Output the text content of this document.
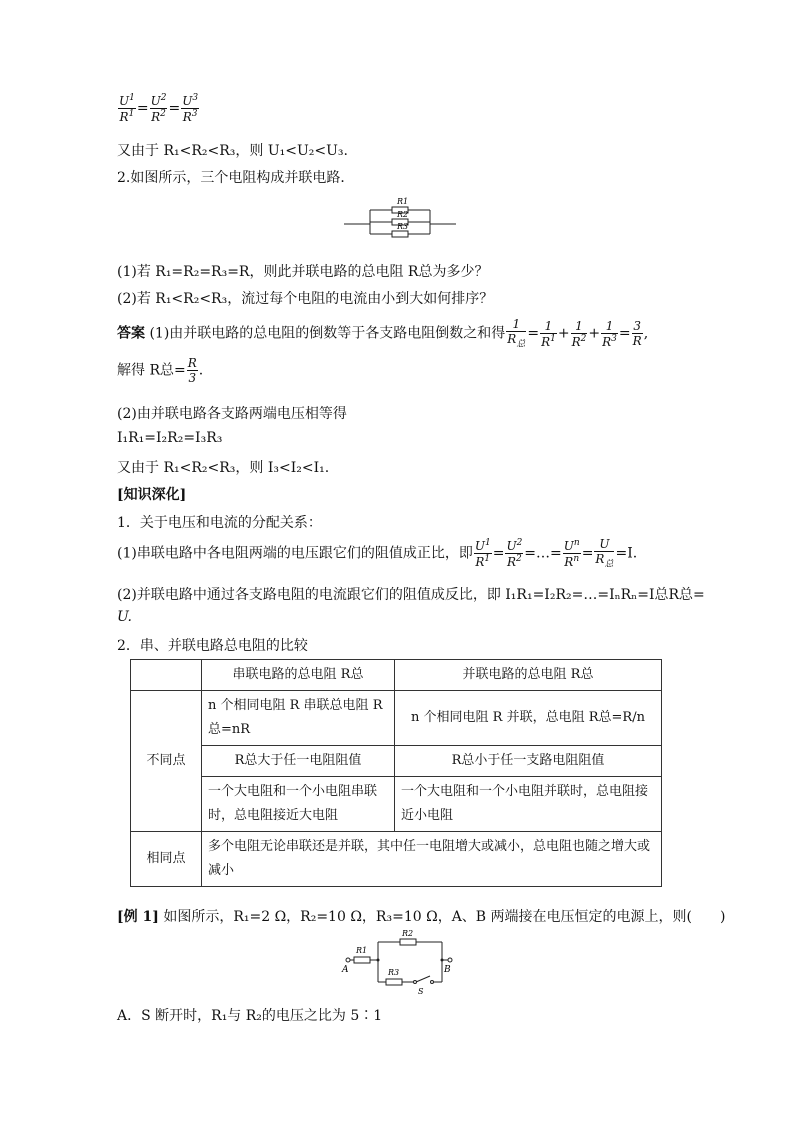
$\frac{U^1}{R^1} = \frac{U^2}{R^2} = \frac{U^3}{R^3}$
又由于 R₁<R₂<R₃，则 U₁<U₂<U₃.
2.如图所示，三个电阻构成并联电路．
R1
R2
R3
(1)若 R₁=R₂=R₃=R，则此并联电路的总电阻 R总为多少？
(2)若 R₁<R₂<R₃，流过每个电阻的电流由小到大如何排序？
答案 (1)由并联电路的总电阻的倒数等于各支路电阻倒数之和得 $\frac{1}{R_总} = \frac{1}{R^1} + \frac{1}{R^2} + \frac{1}{R^3} = \frac{3}{R}$ ,
解得 R总= $\frac{R}{3}$ .
(2)由并联电路各支路两端电压相等得
I₁R₁=I₂R₂=I₃R₃
又由于 R₁<R₂<R₃，则 I₃<I₂<I₁.
[知识深化]
1．关于电压和电流的分配关系：
(1)串联电路中各电阻两端的电压跟它们的阻值成正比，即 $\frac{U^1}{R^1} = \frac{U^2}{R^2}$ =…= $\frac{U^n}{R^n} = \frac{U}{R_总} =I$.
(2)并联电路中通过各支路电阻的电流跟它们的阻值成反比，即 I₁R₁=I₂R₂=…=IₙRₙ=I总R总=
U.
2．串、并联电路总电阻的比较
	串联电路的总电阻 R总	并联电路的总电阻 R总
不同点	n 个相同电阻 R 串联总电阻 R总=nR	n 个相同电阻 R 并联，总电阻 R总=R/n
	R总大于任一电阻阻值	R总小于任一支路电阻阻值
	一个大电阻和一个小电阻串联时，总电阻接近大电阻	一个大电阻和一个小电阻并联时，总电阻接近小电阻
相同点	多个电阻无论串联还是并联，其中任一电阻增大或减小，总电阻也随之增大或减小	
[例 1] 如图所示，R₁=2 Ω，R₂=10 Ω，R₃=10 Ω，A、B 两端接在电压恒定的电源上，则(　　)
R1
R2
R3
A	B
S
A．S 断开时，R₁与 R₂的电压之比为 5∶1
